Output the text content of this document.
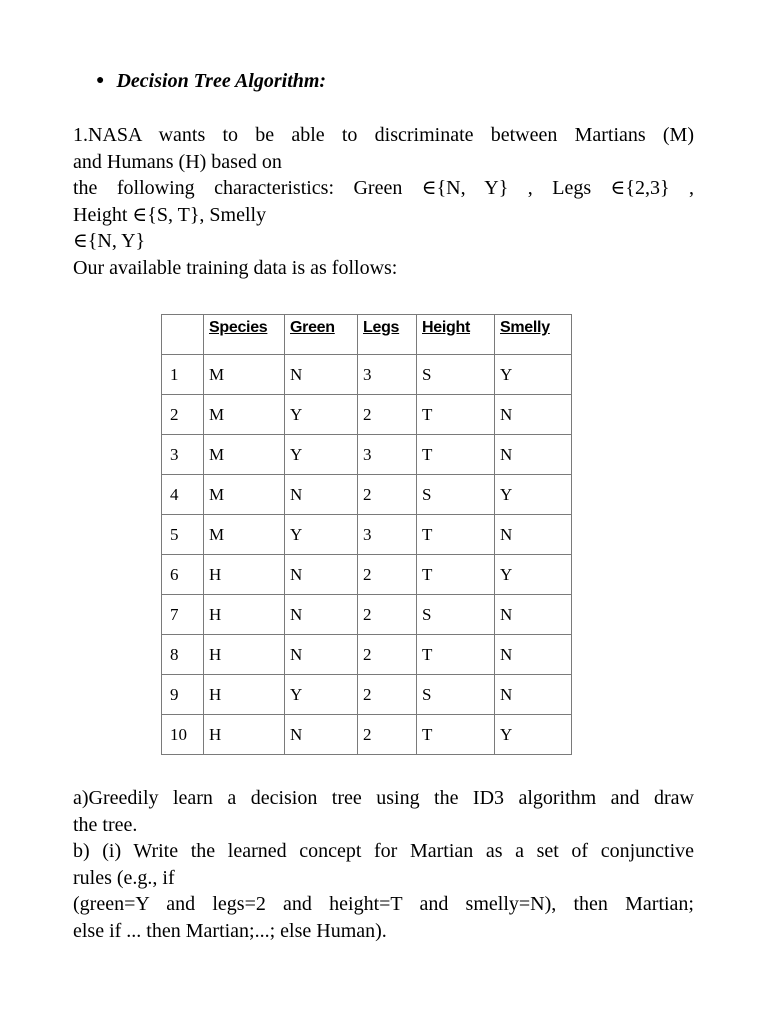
● Decision Tree Algorithm:

1.NASA wants to be able to discriminate between Martians (M)

and Humans (H) based on

the following characteristics: Green ∈{N, Y} , Legs ∈{2,3} ,

Height ∈{S, T}, Smelly

∈{N, Y}

Our available training data is as follows:

	Species	Green	Legs	Height	Smelly
1	M	N	3	S	Y
2	M	Y	2	T	N
3	M	Y	3	T	N
4	M	N	2	S	Y
5	M	Y	3	T	N
6	H	N	2	T	Y
7	H	N	2	S	N
8	H	N	2	T	N
9	H	Y	2	S	N
10	H	N	2	T	Y

a)Greedily learn a decision tree using the ID3 algorithm and draw

the tree.

b) (i) Write the learned concept for Martian as a set of conjunctive

rules (e.g., if

(green=Y and legs=2 and height=T and smelly=N), then Martian;

else if ... then Martian;...; else Human).
